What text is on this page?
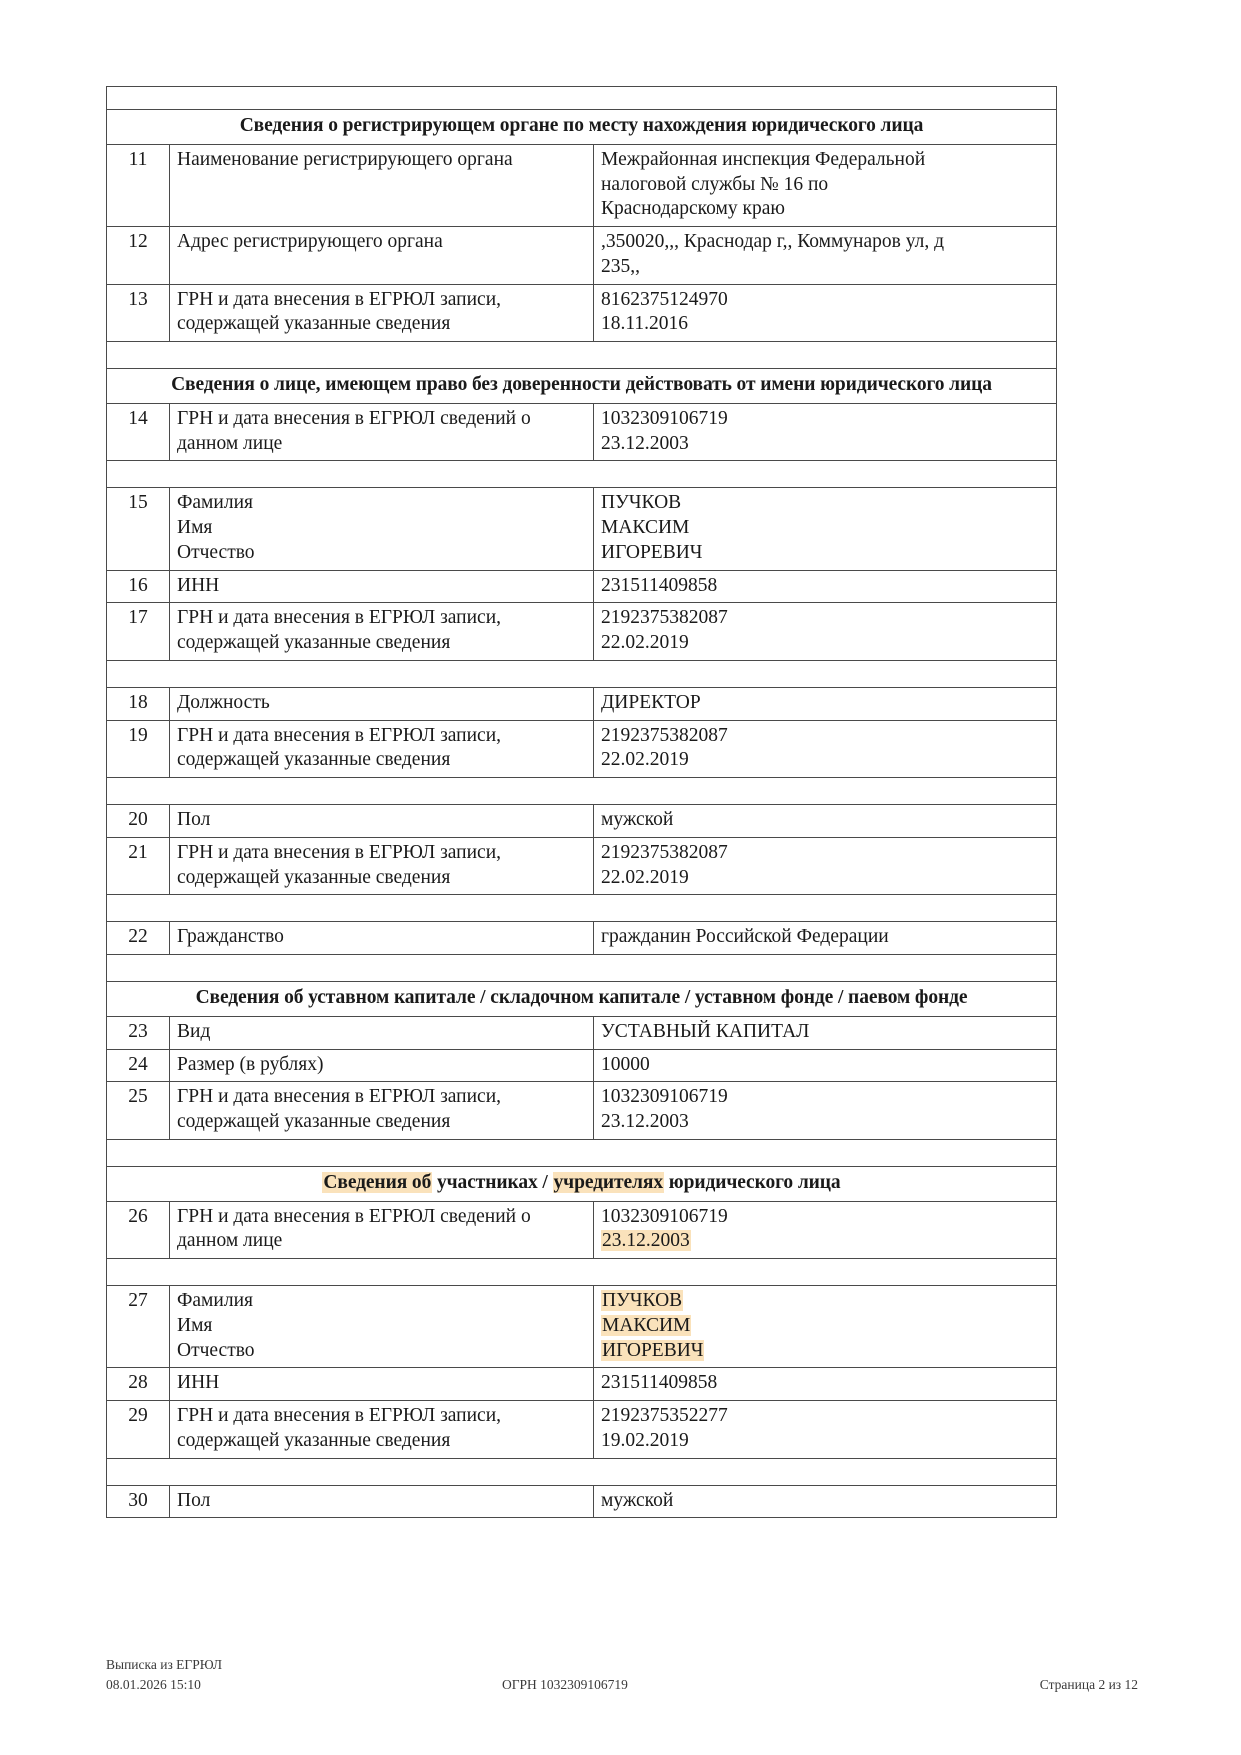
Сведения о регистрирующем органе по месту нахождения юридического лица		
11	Наименование регистрирующего органа	Межрайонная инспекция Федеральной
налоговой службы № 16 по
Краснодарскому краю

12	Адрес регистрирующего органа	,350020,,, Краснодар г,, Коммунаров ул, д
235,,

13	ГРН и дата внесения в ЕГРЮЛ записи,
содержащей указанные сведения	8162375124970
18.11.2016

Сведения о лице, имеющем право без доверенности действовать от имени юридического лица		
14	ГРН и дата внесения в ЕГРЮЛ сведений о
данном лице	1032309106719
23.12.2003

15	Фамилия
Имя
Отчество	ПУЧКОВ
МАКСИМ
ИГОРЕВИЧ

16	ИНН	231511409858

17	ГРН и дата внесения в ЕГРЮЛ записи,
содержащей указанные сведения	2192375382087
22.02.2019

18	Должность	ДИРЕКТОР

19	ГРН и дата внесения в ЕГРЮЛ записи,
содержащей указанные сведения	2192375382087
22.02.2019

20	Пол	мужской

21	ГРН и дата внесения в ЕГРЮЛ записи,
содержащей указанные сведения	2192375382087
22.02.2019

22	Гражданство	гражданин Российской Федерации

Сведения об уставном капитале / складочном капитале / уставном фонде / паевом фонде		
23	Вид	УСТАВНЫЙ КАПИТАЛ

24	Размер (в рублях)	10000

25	ГРН и дата внесения в ЕГРЮЛ записи,
содержащей указанные сведения	1032309106719
23.12.2003

Сведения об участниках / учредителях юридического лица		
26	ГРН и дата внесения в ЕГРЮЛ сведений о
данном лице	1032309106719
23.12.2003

27	Фамилия
Имя
Отчество	ПУЧКОВ
МАКСИМ
ИГОРЕВИЧ

28	ИНН	231511409858

29	ГРН и дата внесения в ЕГРЮЛ записи,
содержащей указанные сведения	2192375352277
19.02.2019

30	Пол	мужской
Выписка из ЕГРЮЛ
08.01.2026 15:10	ОГРН 1032309106719	Страница 2 из 12
